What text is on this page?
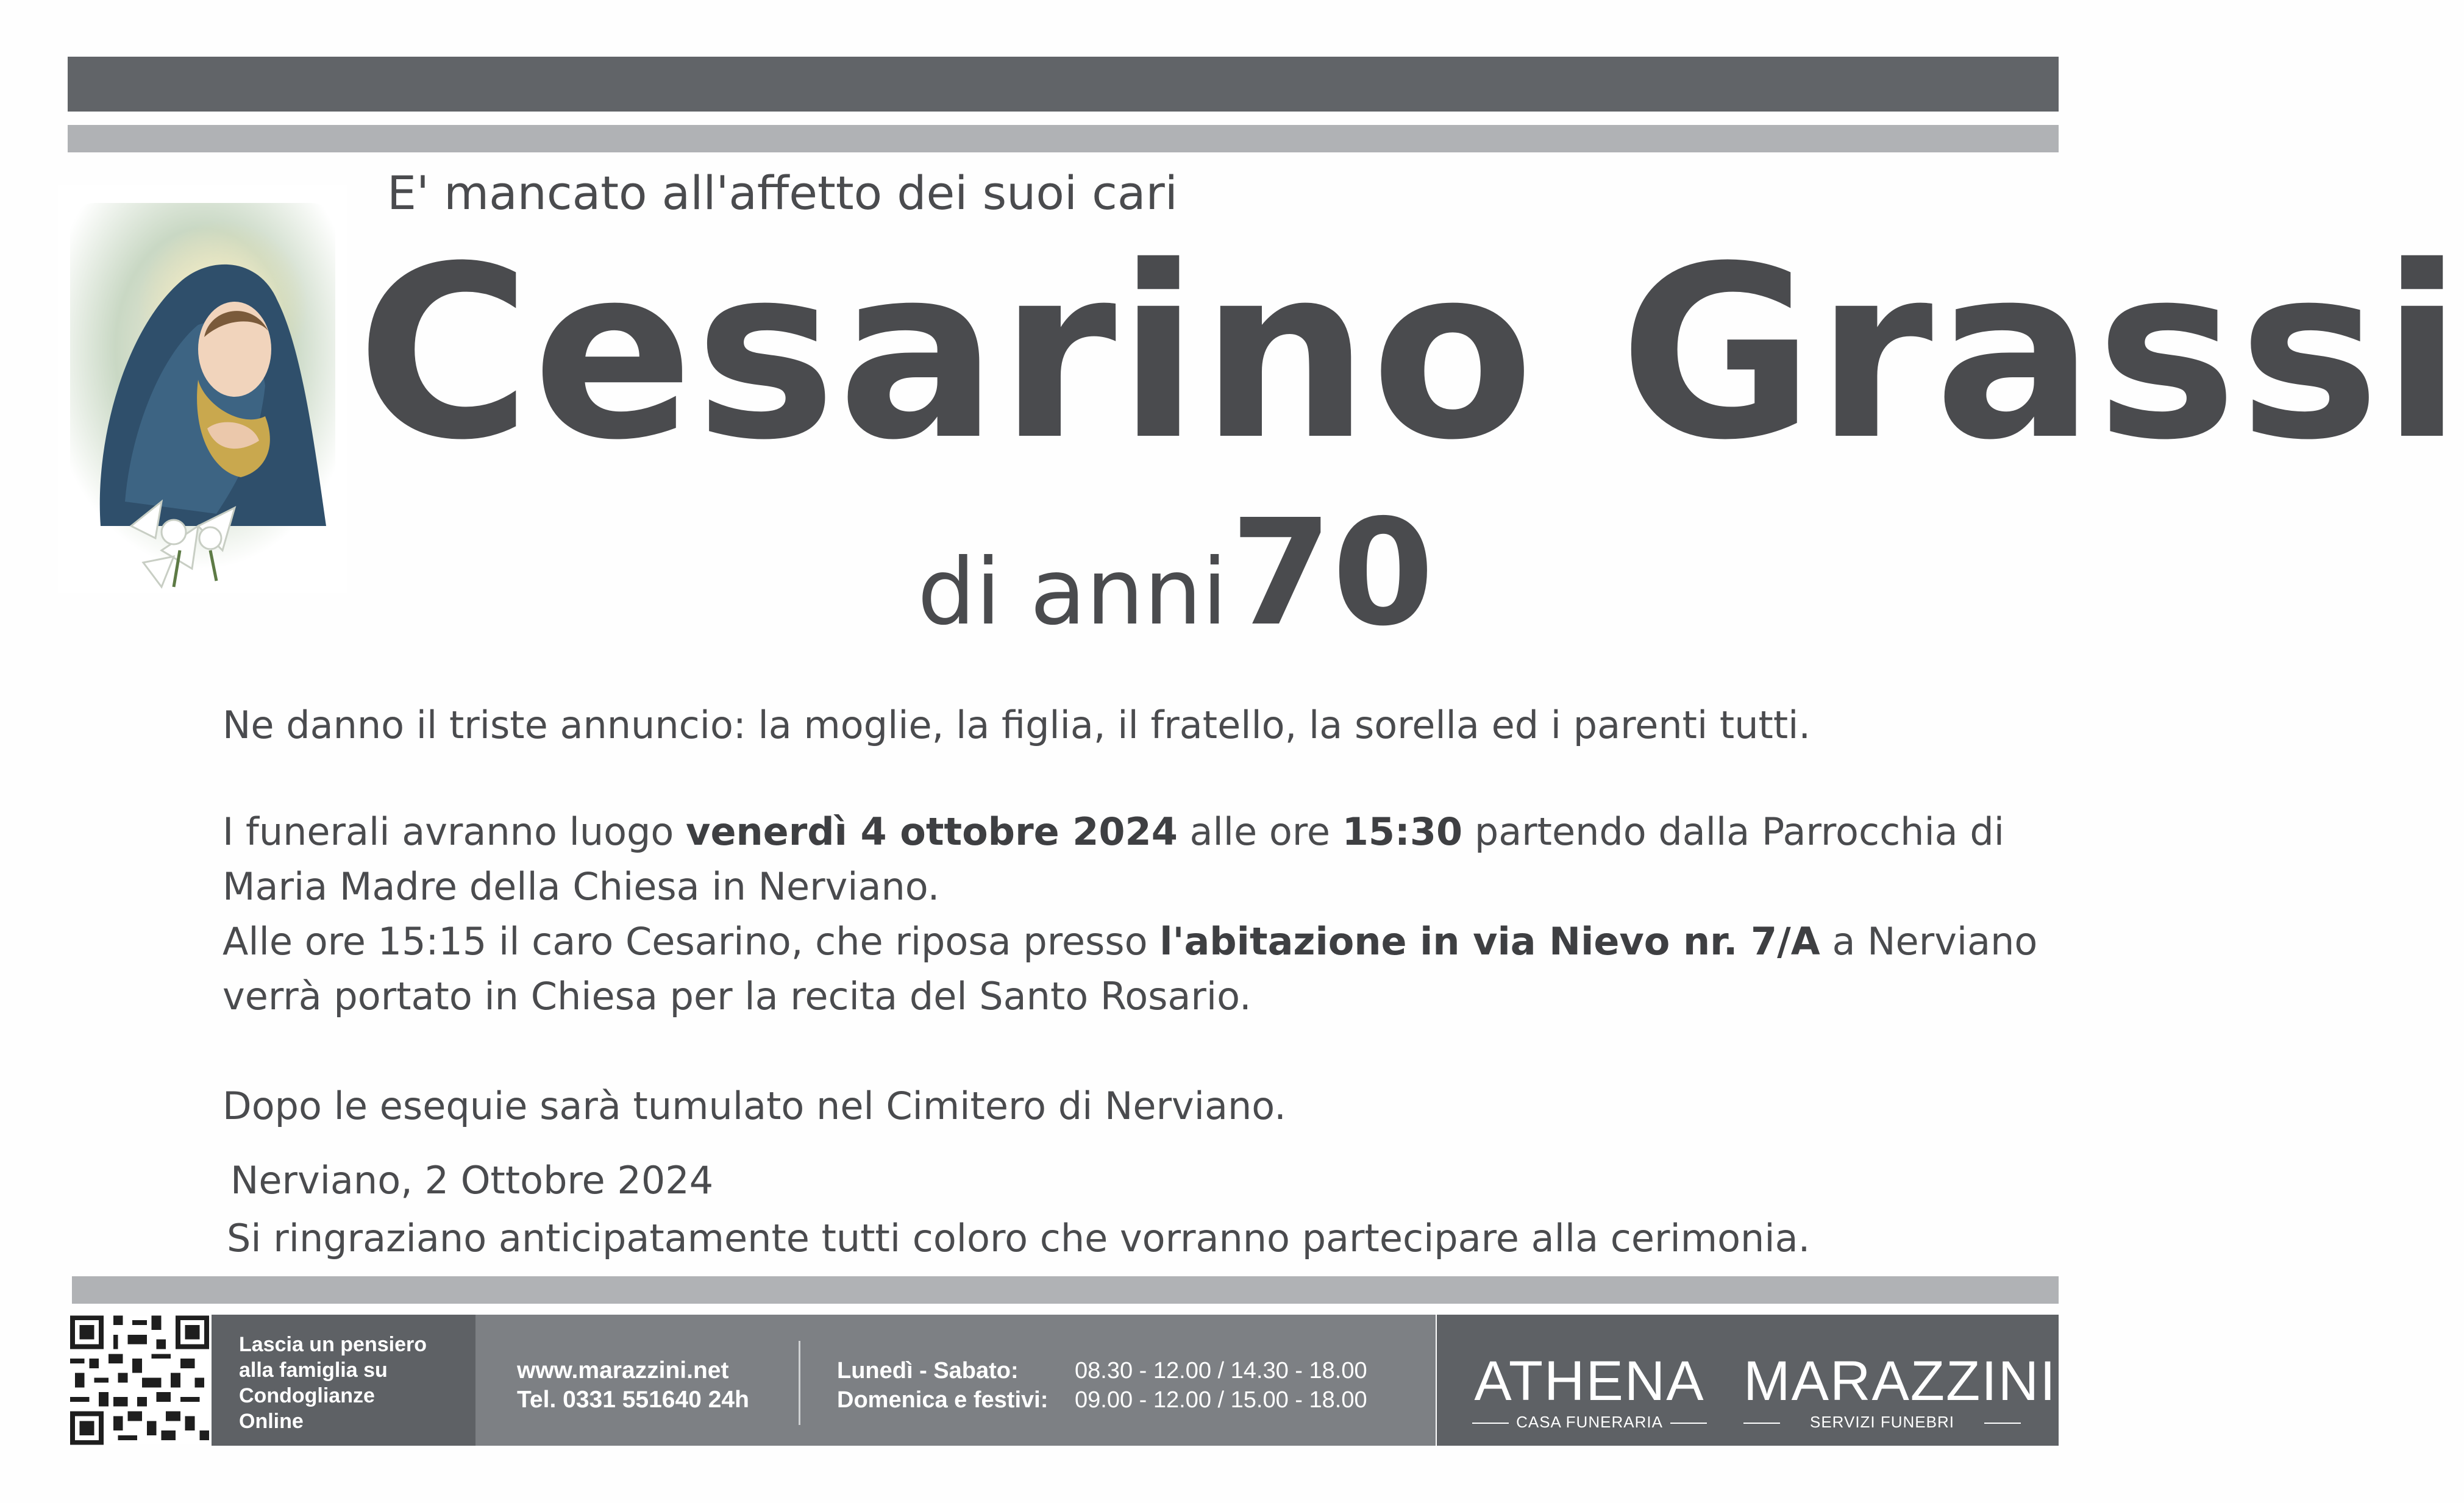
E' mancato all'affetto dei suoi cari
Cesarino Grassi
di anni 70
Ne danno il triste annuncio: la moglie, la figlia, il fratello, la sorella ed i parenti tutti.
I funerali avranno luogo venerdì 4 ottobre 2024 alle ore 15:30 partendo dalla Parrocchia di Maria Madre della Chiesa in Nerviano.
Alle ore 15:15 il caro Cesarino, che riposa presso l'abitazione in via Nievo nr. 7/A a Nerviano verrà portato in Chiesa per la recita del Santo Rosario.
Dopo le esequie sarà tumulato nel Cimitero di Nerviano.
Nerviano, 2 Ottobre 2024
Si ringraziano anticipatamente tutti coloro che vorranno partecipare alla cerimonia.
Lascia un pensiero
alla famiglia su
Condoglianze
Online
www.marazzini.net
Tel. 0331 551640 24h
Lunedì - Sabato:
Domenica e festivi:
08.30 - 12.00 / 14.30 - 18.00
09.00 - 12.00 / 15.00 - 18.00 ATHENA
CASA FUNERARIA
MARAZZINI
SERVIZI FUNEBRI
